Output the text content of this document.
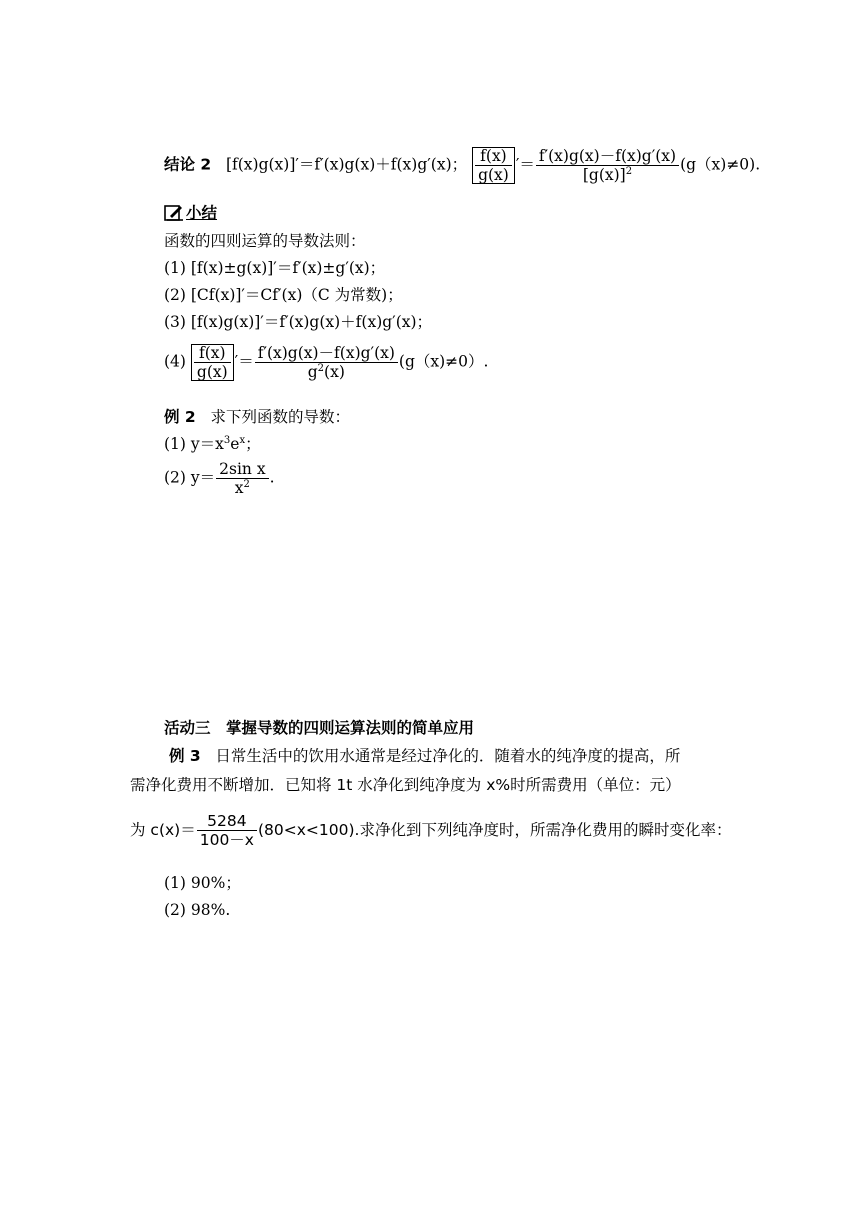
结论 2 [f(x)g(x)]′＝f′(x)g(x)＋f(x)g′(x)； $\frac{f(x)}{g(x)}$ ′＝ $\frac{f'(x)g(x)-f(x)g'(x)}{[g(x)]^2} (g(x)\ne 0)$.
小结
函数的四则运算的导数法则：
(1) [f(x)±g(x)]′＝f′(x)±g′(x)；
(2) [Cf(x)]′＝Cf′(x)（C 为常数)；
(3) [f(x)g(x)]′＝f′(x)g(x)＋f(x)g′(x)；
$(4) \frac{f(x)}{g(x)}$ ′＝ $\frac{f'(x)g(x)-f(x)g'(x)}{g^2(x)} (g(x)\ne 0)$.
例 2 求下列函数的导数：
(1) $y=x^3e^x$；
(2) $y= \frac{\text{2sin x}}{x^2}$ .
活动三　掌握导数的四则运算法则的简单应用
例 3 日常生活中的饮用水通常是经过净化的．随着水的纯净度的提高，所
需净化费用不断增加．已知将 1t 水净化到纯净度为 x%时所需费用（单位：元）
为 $c(x)= \frac{5284}{100-x} (80<x<100)$.求净化到下列纯净度时，所需净化费用的瞬时变化率：
(1) 90%；
(2) 98%.
